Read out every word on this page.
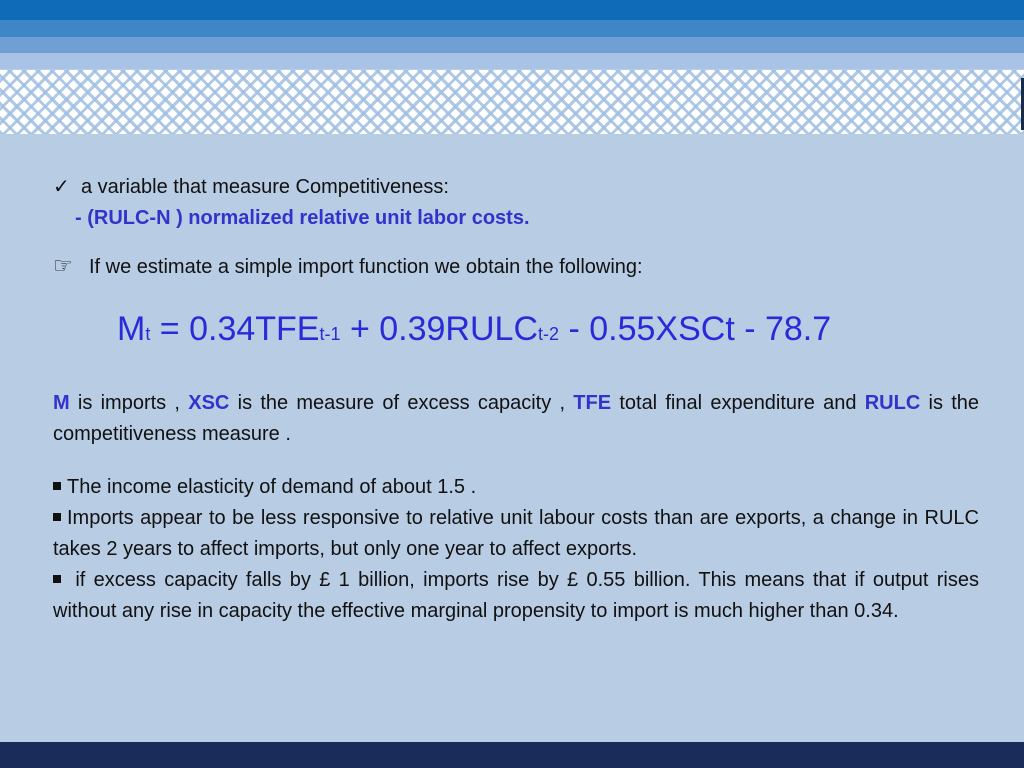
✓ a variable that measure Competitiveness:
- (RULC-N ) normalized relative unit labor costs.
☞ If we estimate a simple import function we obtain the following:
Mt = 0.34TFEt-1 + 0.39RULCt-2 - 0.55XSCt - 78.7
M is imports , XSC is the measure of excess capacity , TFE total final expenditure and RULC is the competitiveness measure .
The income elasticity of demand of about 1.5 .
Imports appear to be less responsive to relative unit labour costs than are exports, a change in RULC takes 2 years to affect imports, but only one year to affect exports.
if excess capacity falls by £ 1 billion, imports rise by £ 0.55 billion. This means that if output rises without any rise in capacity the effective marginal propensity to import is much higher than 0.34.
